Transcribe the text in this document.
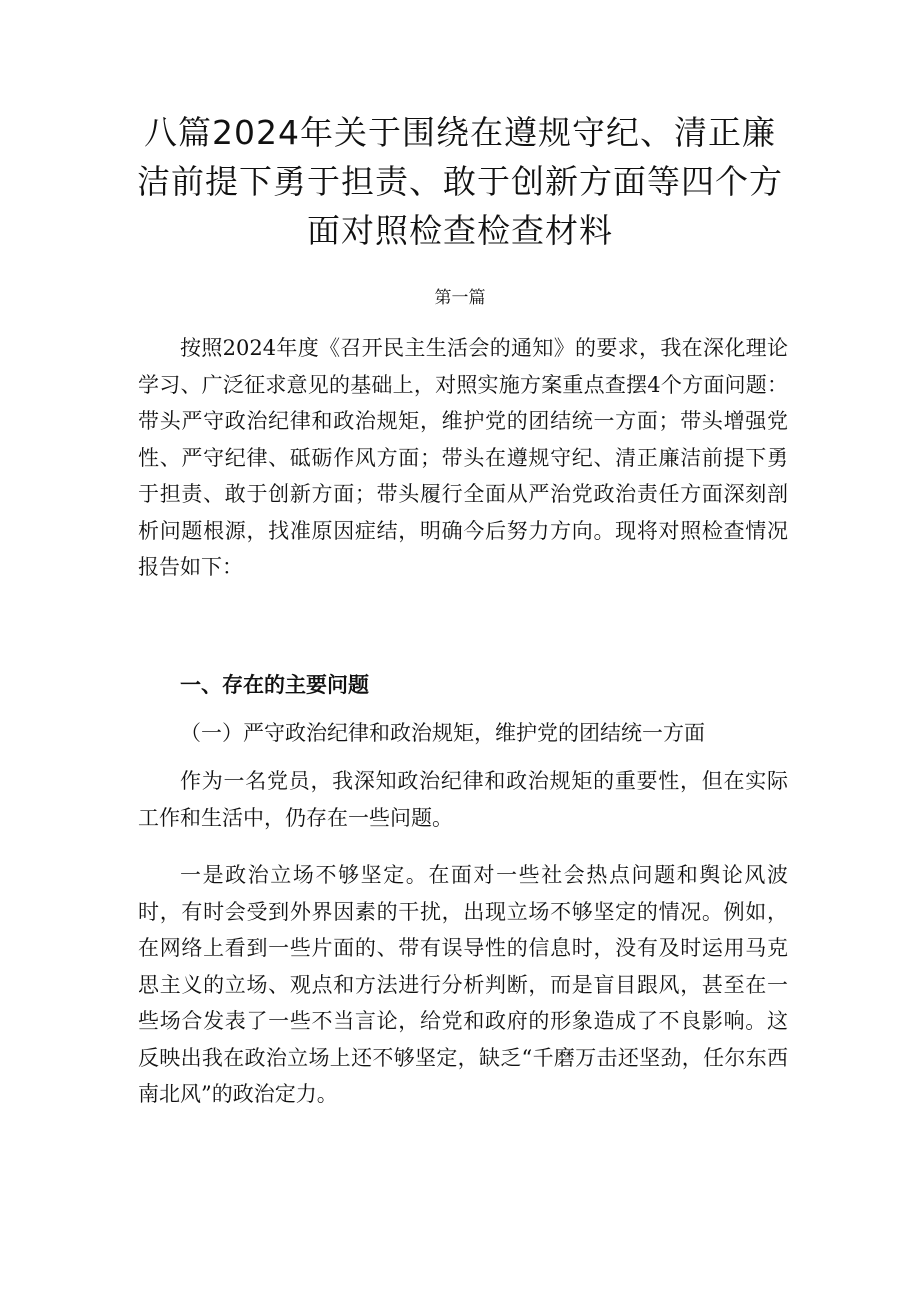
八篇2024年关于围绕在遵规守纪、清正廉
洁前提下勇于担责、敢于创新方面等四个方
面对照检查检查材料

第一篇

按照2024年度《召开民主生活会的通知》的要求，我在深化理论学习、广泛征求意见的基础上，对照实施方案重点查摆4个方面问题：带头严守政治纪律和政治规矩，维护党的团结统一方面；带头增强党性、严守纪律、砥砺作风方面；带头在遵规守纪、清正廉洁前提下勇于担责、敢于创新方面；带头履行全面从严治党政治责任方面深刻剖析问题根源，找准原因症结，明确今后努力方向。现将对照检查情况报告如下：

一、存在的主要问题

（一）严守政治纪律和政治规矩，维护党的团结统一方面

作为一名党员，我深知政治纪律和政治规矩的重要性，但在实际工作和生活中，仍存在一些问题。

一是政治立场不够坚定。在面对一些社会热点问题和舆论风波时，有时会受到外界因素的干扰，出现立场不够坚定的情况。例如，在网络上看到一些片面的、带有误导性的信息时，没有及时运用马克思主义的立场、观点和方法进行分析判断，而是盲目跟风，甚至在一些场合发表了一些不当言论，给党和政府的形象造成了不良影响。这反映出我在政治立场上还不够坚定，缺乏“千磨万击还坚劲，任尔东西南北风”的政治定力。
